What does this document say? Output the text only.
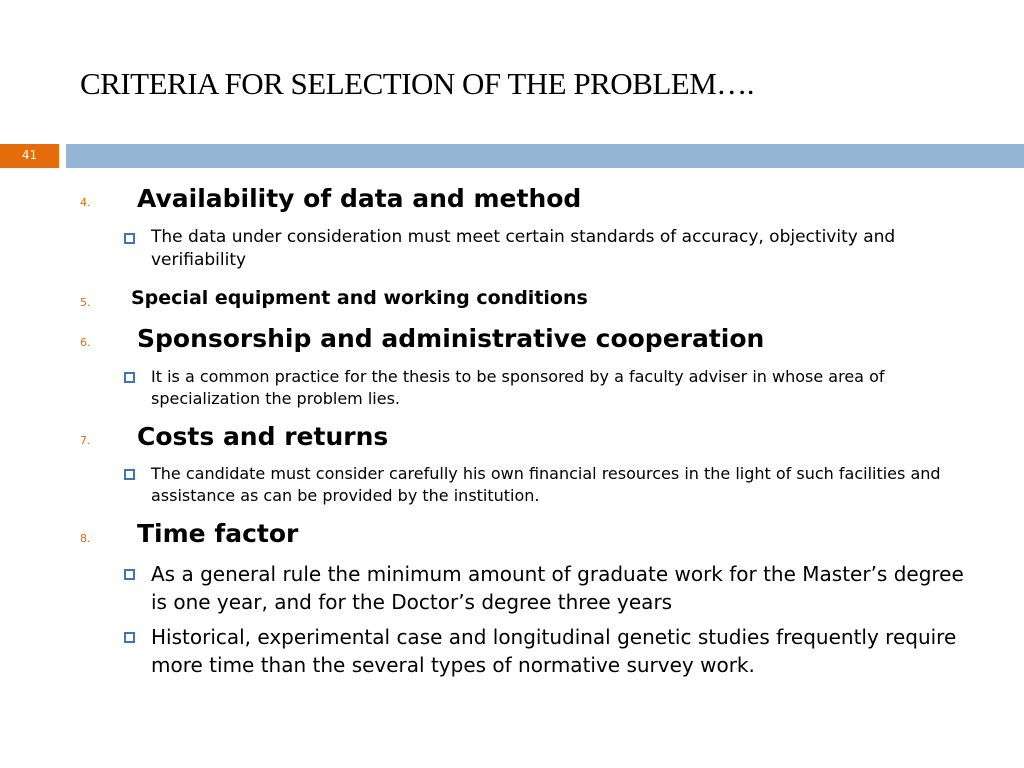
CRITERIA FOR SELECTION OF THE PROBLEM….
41
4. Availability of data and method

The data under consideration must meet certain standards of accuracy, objectivity and verifiability

5. Special equipment and working conditions
6. Sponsorship and administrative cooperation

It is a common practice for the thesis to be sponsored by a faculty adviser in whose area of specialization the problem lies.

7. Costs and returns

The candidate must consider carefully his own financial resources in the light of such facilities and assistance as can be provided by the institution.

8. Time factor

As a general rule the minimum amount of graduate work for the Master’s degree is one year, and for the Doctor’s degree three years

Historical, experimental case and longitudinal genetic studies frequently require more time than the several types of normative survey work.
